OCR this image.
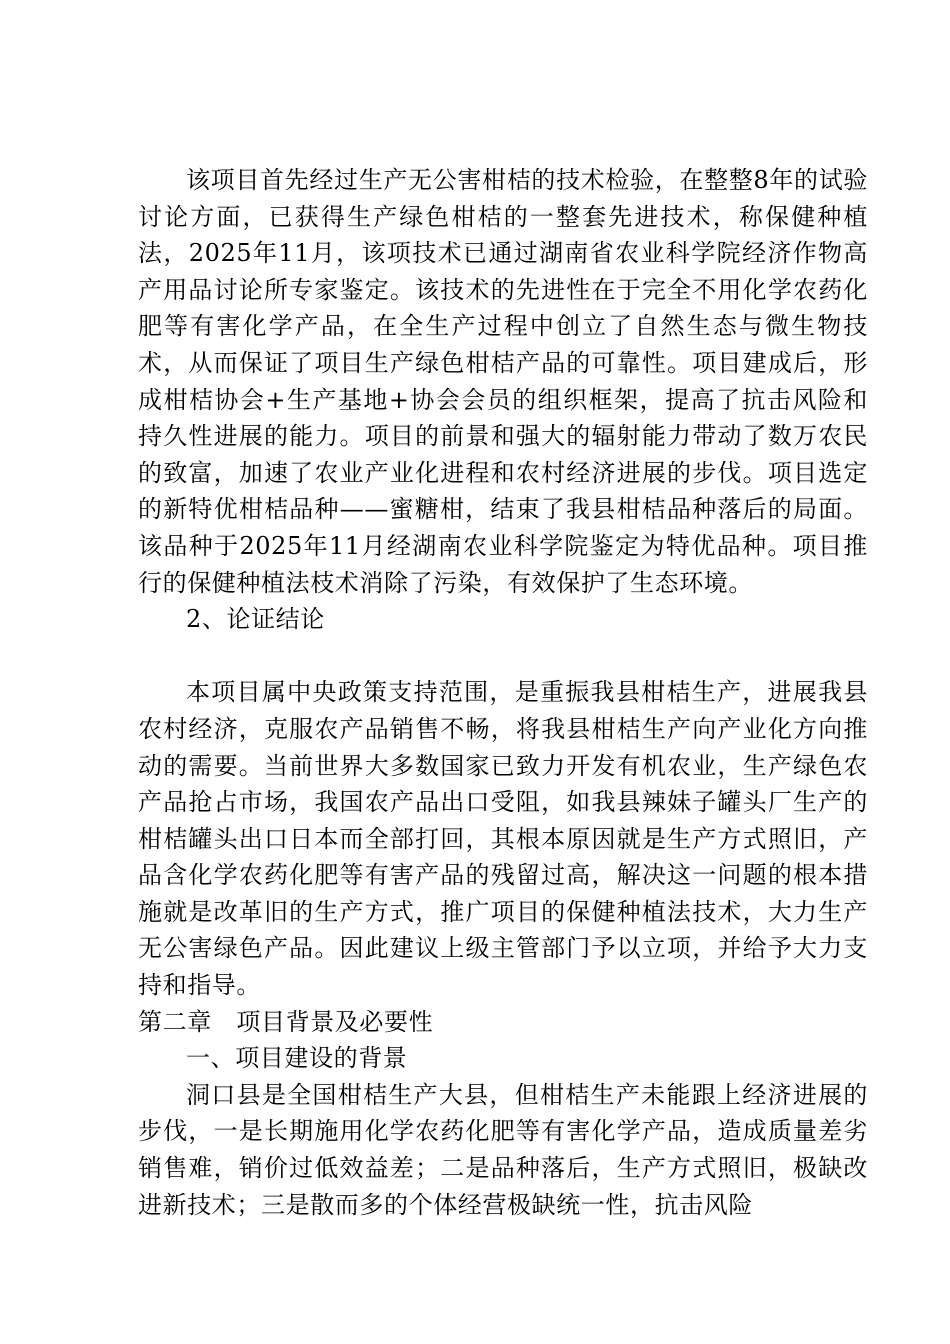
该项目首先经过生产无公害柑桔的技术检验，在整整8年的试验讨论方面，已获得生产绿色柑桔的一整套先进技术，称保健种植法，2025年11月，该项技术已通过湖南省农业科学院经济作物高产用品讨论所专家鉴定。该技术的先进性在于完全不用化学农药化肥等有害化学产品，在全生产过程中创立了自然生态与微生物技术，从而保证了项目生产绿色柑桔产品的可靠性。项目建成后，形成柑桔协会+生产基地+协会会员的组织框架，提高了抗击风险和持久性进展的能力。项目的前景和强大的辐射能力带动了数万农民的致富，加速了农业产业化进程和农村经济进展的步伐。项目选定的新特优柑桔品种——蜜糖柑，结束了我县柑桔品种落后的局面。该品种于2025年11月经湖南农业科学院鉴定为特优品种。项目推行的保健种植法枝术消除了污染，有效保护了生态环境。

2、论证结论

本项目属中央政策支持范围，是重振我县柑桔生产，进展我县农村经济，克服农产品销售不畅，将我县柑桔生产向产业化方向推动的需要。当前世界大多数国家已致力开发有机农业，生产绿色农产品抢占市场，我国农产品出口受阻，如我县辣妹子罐头厂生产的柑桔罐头出口日本而全部打回，其根本原因就是生产方式照旧，产品含化学农药化肥等有害产品的残留过高，解决这一问题的根本措施就是改革旧的生产方式，推广项目的保健种植法技术，大力生产无公害绿色产品。因此建议上级主管部门予以立项，并给予大力支持和指导。

第二章　项目背景及必要性

一、项目建设的背景

洞口县是全国柑桔生产大县，但柑桔生产未能跟上经济进展的步伐，一是长期施用化学农药化肥等有害化学产品，造成质量差劣销售难，销价过低效益差；二是品种落后，生产方式照旧，极缺改进新技术；三是散而多的个体经营极缺统一性，抗击风险
